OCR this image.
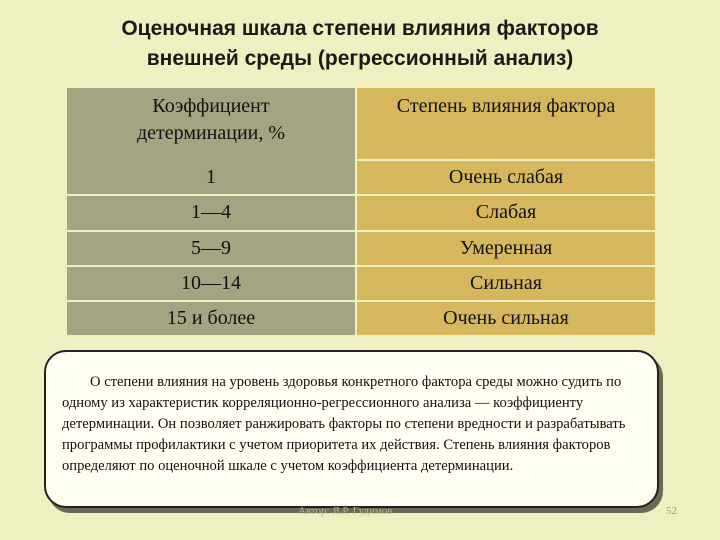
Оценочная шкала степени влияния факторов
внешней среды (регрессионный анализ)
Коэффициент
детерминации, %	Степень влияния фактора
1	Очень слабая
1—4	Слабая
5—9	Умеренная
10—14	Сильная
15 и более	Очень сильная
О степени влияния на уровень здоровья конкретного фактора среды можно судить по одному из характеристик корреляционно-регрессионного анализа — коэффициенту детерминации. Он позволяет ранжировать факторы по степени вредности и разрабатывать программы профилактики с учетом приоритета их действия. Степень влияния факторов определяют по оценочной шкале с учетом коэффициента детерминации.
Автор: Я.Р. Гудимов	52
